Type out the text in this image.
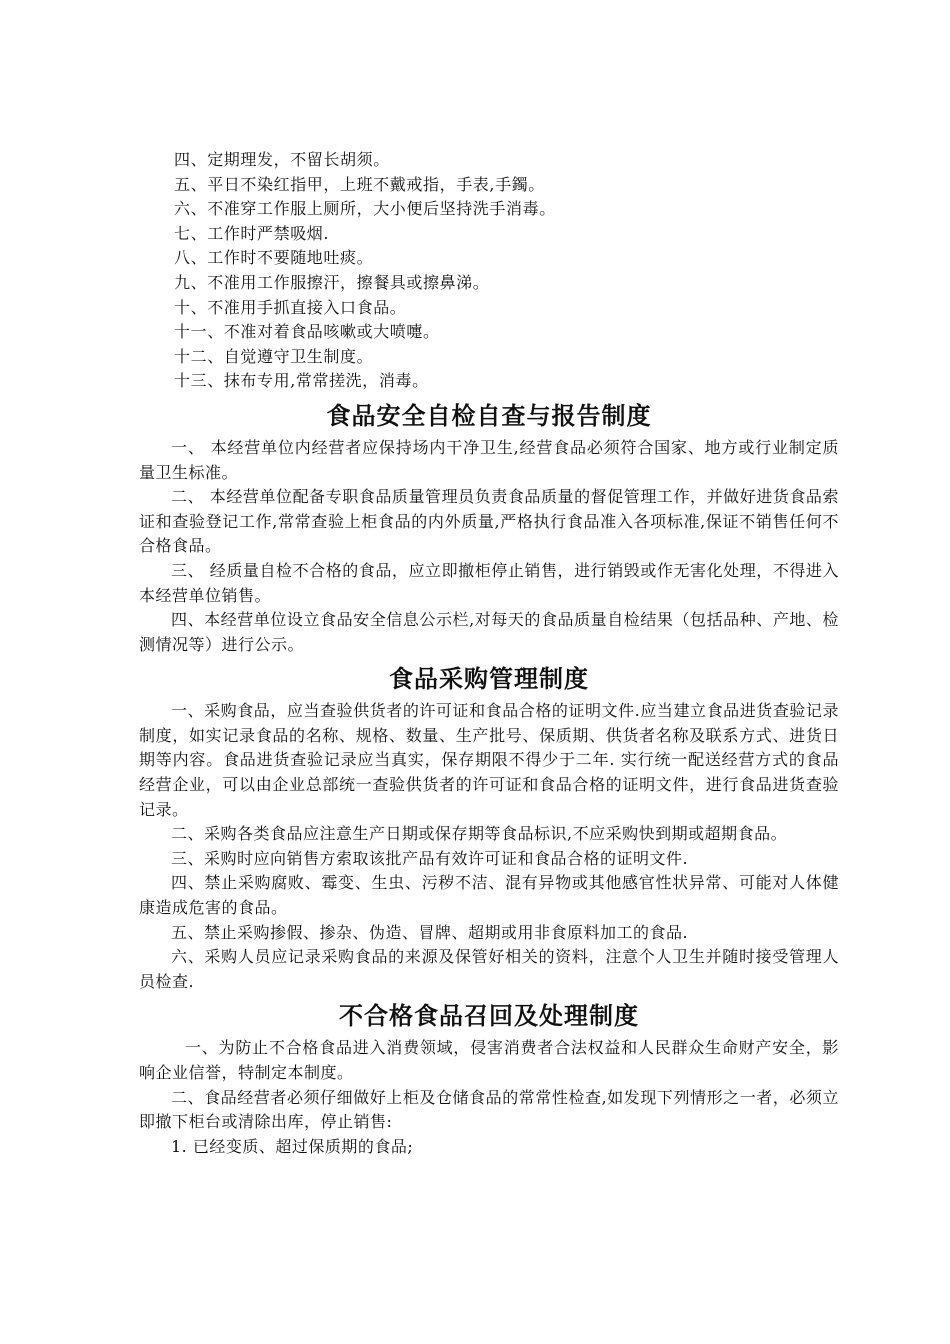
四、定期理发，不留长胡须。
五、平日不染红指甲，上班不戴戒指，手表,手鐲。
六、不准穿工作服上厕所，大小便后坚持洗手消毒。
七、工作时严禁吸烟.
八、工作时不要随地吐痰。
九、不准用工作服擦汗，擦餐具或擦鼻涕。
十、不准用手抓直接入口食品。
十一、不准对着食品咳嗽或大喷嚏。
十二、自觉遵守卫生制度。
十三、抹布专用,常常搓洗，消毒。
食品安全自检自查与报告制度
一、 本经营单位内经营者应保持场内干净卫生,经营食品必须符合国家、地方或行业制定质量卫生标准。
二、 本经营单位配备专职食品质量管理员负责食品质量的督促管理工作，并做好进货食品索证和查验登记工作,常常查验上柜食品的内外质量,严格执行食品准入各项标准,保证不销售任何不合格食品。
三、 经质量自检不合格的食品，应立即撤柜停止销售，进行销毁或作无害化处理，不得进入本经营单位销售。
四、本经营单位设立食品安全信息公示栏,对每天的食品质量自检结果（包括品种、产地、检测情况等）进行公示。
食品采购管理制度
一、采购食品，应当查验供货者的许可证和食品合格的证明文件.应当建立食品进货查验记录制度，如实记录食品的名称、规格、数量、生产批号、保质期、供货者名称及联系方式、进货日期等内容。食品进货查验记录应当真实，保存期限不得少于二年. 实行统一配送经营方式的食品经营企业，可以由企业总部统一查验供货者的许可证和食品合格的证明文件，进行食品进货查验记录。
二、采购各类食品应注意生产日期或保存期等食品标识,不应采购快到期或超期食品。
三、采购时应向销售方索取该批产品有效许可证和食品合格的证明文件.
四、禁止采购腐败、霉变、生虫、污秽不洁、混有异物或其他感官性状异常、可能对人体健康造成危害的食品。
五、禁止采购掺假、掺杂、伪造、冒牌、超期或用非食原料加工的食品.
六、采购人员应记录采购食品的来源及保管好相关的资料，注意个人卫生并随时接受管理人员检查.
不合格食品召回及处理制度
一、为防止不合格食品进入消费领域，侵害消费者合法权益和人民群众生命财产安全，影响企业信誉，特制定本制度。
二、食品经营者必须仔细做好上柜及仓储食品的常常性检查,如发现下列情形之一者，必须立即撤下柜台或清除出库，停止销售:
1. 已经变质、超过保质期的食品;
